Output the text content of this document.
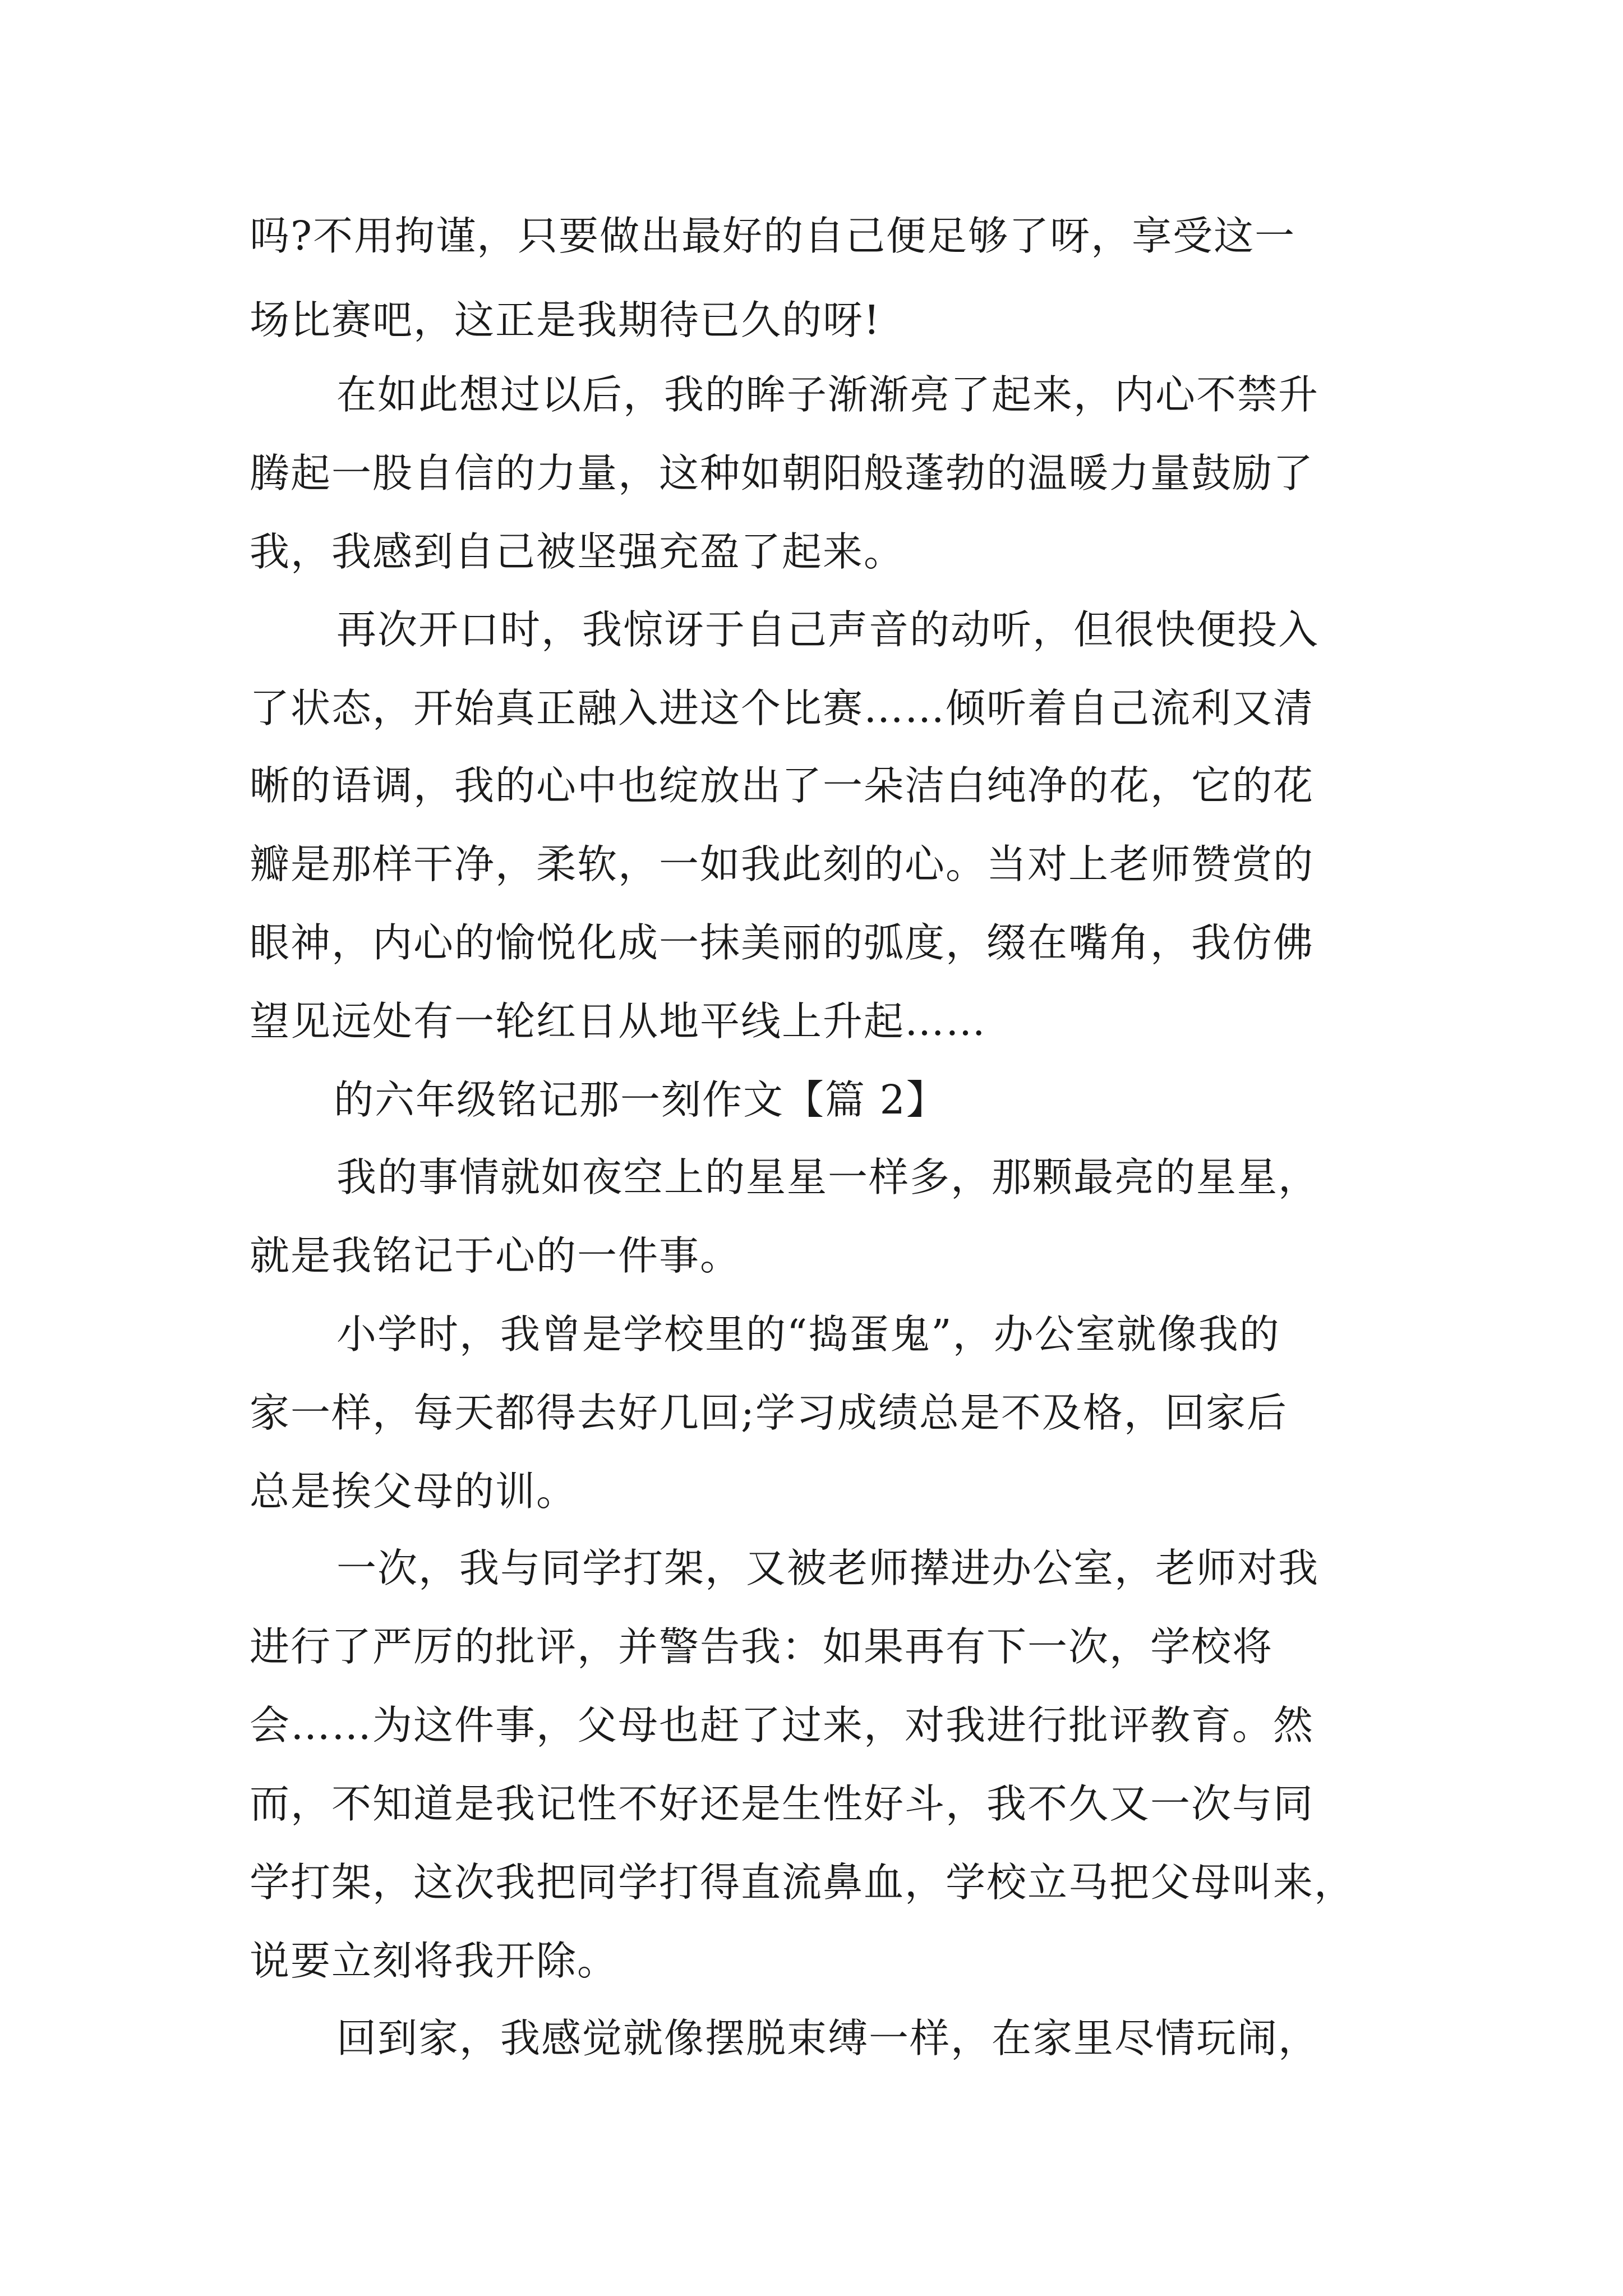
吗?不用拘谨，只要做出最好的自己便足够了呀，享受这一
场比赛吧，这正是我期待已久的呀!
在如此想过以后，我的眸子渐渐亮了起来，内心不禁升
腾起一股自信的力量，这种如朝阳般蓬勃的温暖力量鼓励了
我，我感到自己被坚强充盈了起来。
再次开口时，我惊讶于自己声音的动听，但很快便投入
了状态，开始真正融入进这个比赛……倾听着自己流利又清
晰的语调，我的心中也绽放出了一朵洁白纯净的花，它的花
瓣是那样干净，柔软，一如我此刻的心。当对上老师赞赏的
眼神，内心的愉悦化成一抹美丽的弧度，缀在嘴角，我仿佛
望见远处有一轮红日从地平线上升起……
的六年级铭记那一刻作文【篇 2】
我的事情就如夜空上的星星一样多，那颗最亮的星星，
就是我铭记于心的一件事。
小学时，我曾是学校里的“捣蛋鬼”，办公室就像我的
家一样，每天都得去好几回;学习成绩总是不及格，回家后
总是挨父母的训。
一次，我与同学打架，又被老师撵进办公室，老师对我
进行了严厉的批评，并警告我：如果再有下一次，学校将
会……为这件事，父母也赶了过来，对我进行批评教育。然
而，不知道是我记性不好还是生性好斗，我不久又一次与同
学打架，这次我把同学打得直流鼻血，学校立马把父母叫来，
说要立刻将我开除。
回到家，我感觉就像摆脱束缚一样，在家里尽情玩闹，
